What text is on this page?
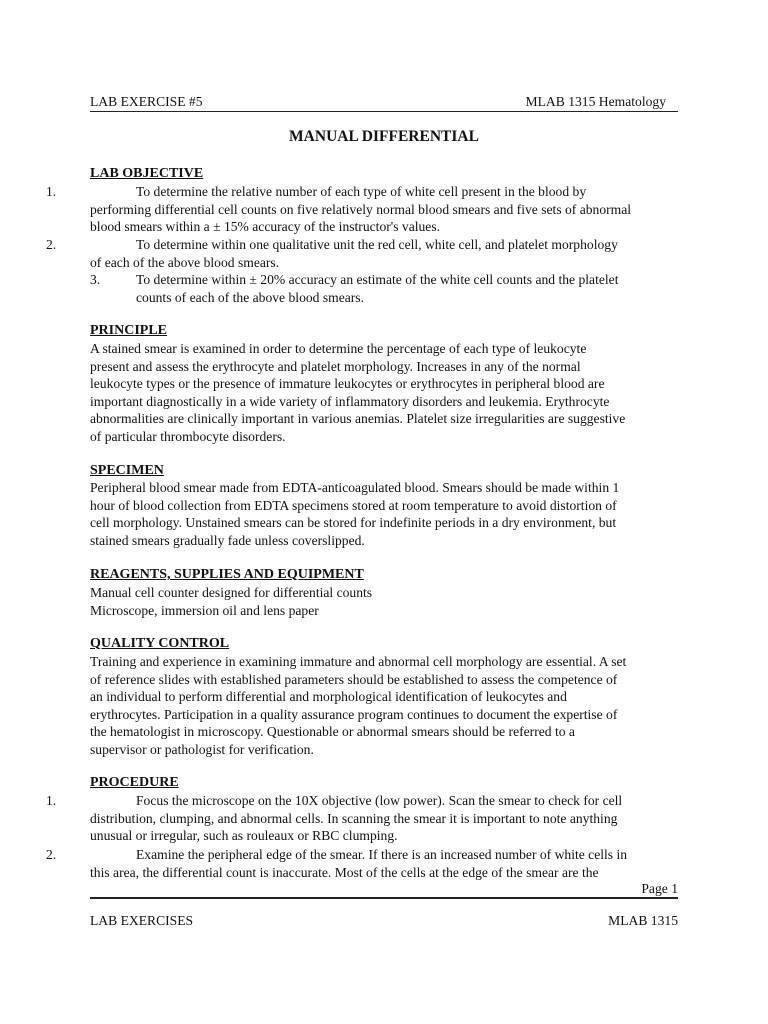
LAB EXERCISE #5	MLAB 1315 Hematology
MANUAL DIFFERENTIAL
LAB OBJECTIVE
1.	To determine the relative number of each type of white cell present in the blood by
performing differential cell counts on five relatively normal blood smears and five sets of abnormal
blood smears within a ± 15% accuracy of the instructor's values.
2.	To determine within one qualitative unit the red cell, white cell, and platelet morphology
of each of the above blood smears.
3.	To determine within ± 20% accuracy an estimate of the white cell counts and the platelet
counts of each of the above blood smears.
PRINCIPLE
A stained smear is examined in order to determine the percentage of each type of leukocyte
present and assess the erythrocyte and platelet morphology. Increases in any of the normal
leukocyte types or the presence of immature leukocytes or erythrocytes in peripheral blood are
important diagnostically in a wide variety of inflammatory disorders and leukemia. Erythrocyte
abnormalities are clinically important in various anemias. Platelet size irregularities are suggestive
of particular thrombocyte disorders.
SPECIMEN
Peripheral blood smear made from EDTA-anticoagulated blood. Smears should be made within 1
hour of blood collection from EDTA specimens stored at room temperature to avoid distortion of
cell morphology. Unstained smears can be stored for indefinite periods in a dry environment, but
stained smears gradually fade unless coverslipped.
REAGENTS, SUPPLIES AND EQUIPMENT
Manual cell counter designed for differential counts
Microscope, immersion oil and lens paper
QUALITY CONTROL
Training and experience in examining immature and abnormal cell morphology are essential. A set
of reference slides with established parameters should be established to assess the competence of
an individual to perform differential and morphological identification of leukocytes and
erythrocytes. Participation in a quality assurance program continues to document the expertise of
the hematologist in microscopy. Questionable or abnormal smears should be referred to a
supervisor or pathologist for verification.
PROCEDURE
1.	Focus the microscope on the 10X objective (low power). Scan the smear to check for cell
distribution, clumping, and abnormal cells. In scanning the smear it is important to note anything
unusual or irregular, such as rouleaux or RBC clumping.
2.	Examine the peripheral edge of the smear. If there is an increased number of white cells in
this area, the differential count is inaccurate. Most of the cells at the edge of the smear are the
Page 1
LAB EXERCISES	MLAB 1315
